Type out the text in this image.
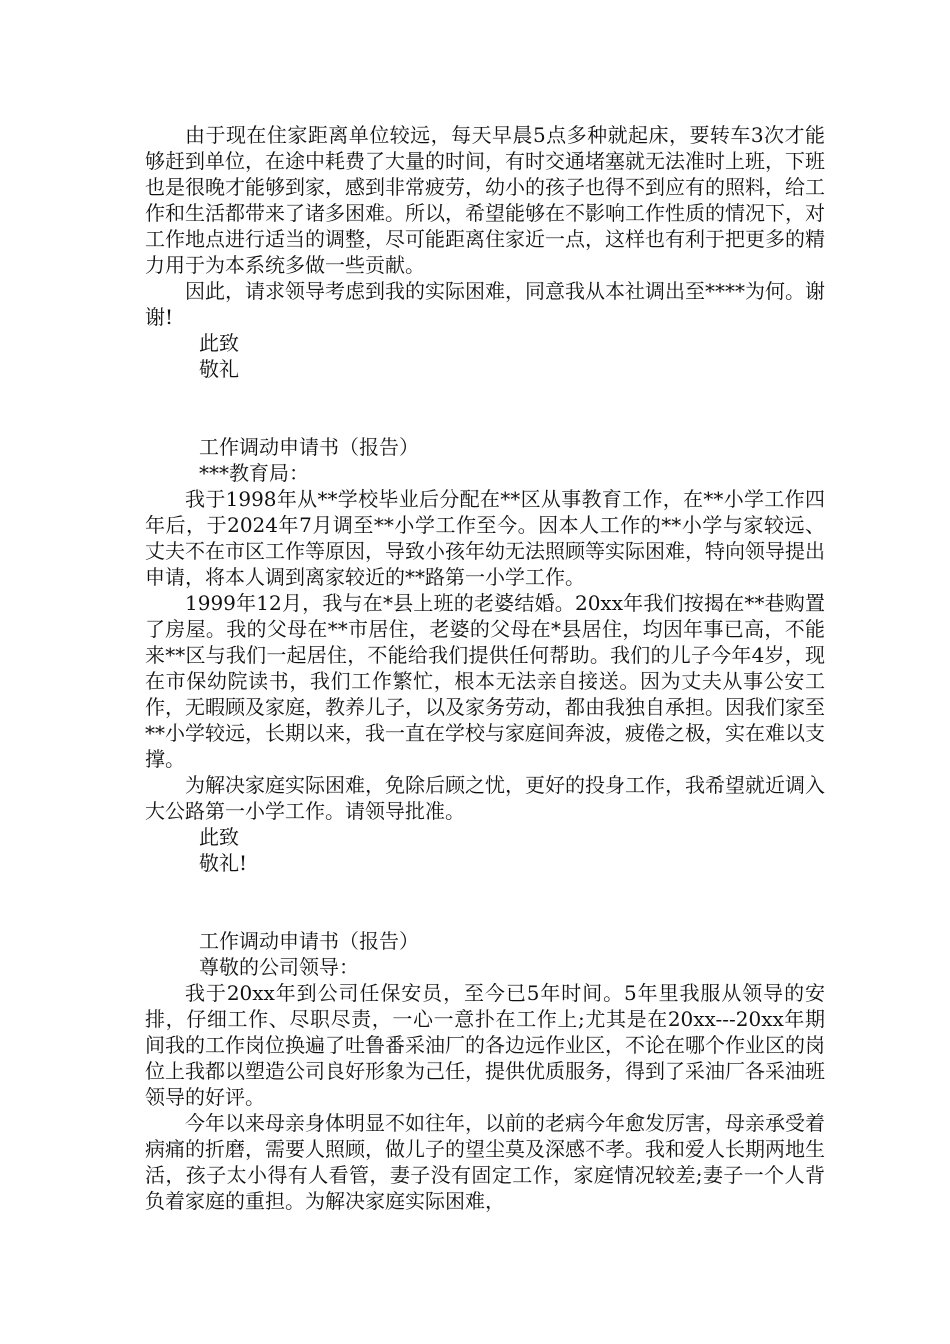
由于现在住家距离单位较远，每天早晨5点多种就起床，要转车3次才能够赶到单位，在途中耗费了大量的时间，有时交通堵塞就无法准时上班，下班也是很晚才能够到家，感到非常疲劳，幼小的孩子也得不到应有的照料，给工作和生活都带来了诸多困难。所以，希望能够在不影响工作性质的情况下，对工作地点进行适当的调整，尽可能距离住家近一点，这样也有利于把更多的精力用于为本系统多做一些贡献。

因此，请求领导考虑到我的实际困难，同意我从本社调出至****为何。谢谢!

此致

敬礼

工作调动申请书（报告）

***教育局：

我于1998年从**学校毕业后分配在**区从事教育工作，在**小学工作四年后，于2024年7月调至**小学工作至今。因本人工作的**小学与家较远、丈夫不在市区工作等原因，导致小孩年幼无法照顾等实际困难，特向领导提出申请，将本人调到离家较近的**路第一小学工作。

1999年12月，我与在*县上班的老婆结婚。20xx年我们按揭在**巷购置了房屋。我的父母在**市居住，老婆的父母在*县居住，均因年事已高，不能来**区与我们一起居住，不能给我们提供任何帮助。我们的儿子今年4岁，现在市保幼院读书，我们工作繁忙，根本无法亲自接送。因为丈夫从事公安工作，无暇顾及家庭，教养儿子，以及家务劳动，都由我独自承担。因我们家至**小学较远，长期以来，我一直在学校与家庭间奔波，疲倦之极，实在难以支撑。

为解决家庭实际困难，免除后顾之忧，更好的投身工作，我希望就近调入大公路第一小学工作。请领导批准。

此致

敬礼!

工作调动申请书（报告）

尊敬的公司领导：

我于20xx年到公司任保安员，至今已5年时间。5年里我服从领导的安排，仔细工作、尽职尽责，一心一意扑在工作上;尤其是在20xx---20xx年期间我的工作岗位换遍了吐鲁番采油厂的各边远作业区，不论在哪个作业区的岗位上我都以塑造公司良好形象为己任，提供优质服务，得到了采油厂各采油班领导的好评。

今年以来母亲身体明显不如往年，以前的老病今年愈发厉害，母亲承受着病痛的折磨，需要人照顾，做儿子的望尘莫及深感不孝。我和爱人长期两地生活，孩子太小得有人看管，妻子没有固定工作，家庭情况较差;妻子一个人背负着家庭的重担。为解决家庭实际困难，
